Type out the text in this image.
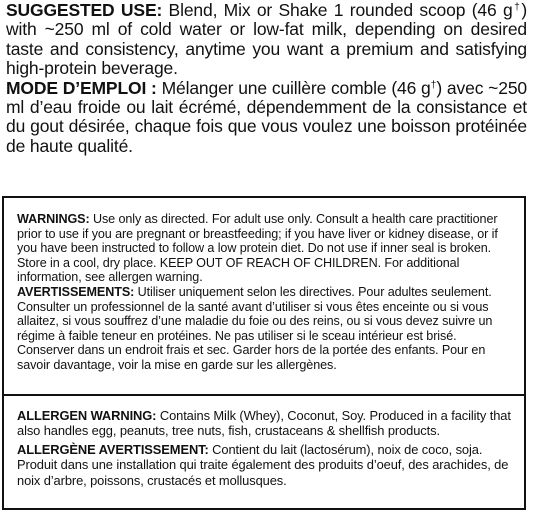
SUGGESTED USE: Blend, Mix or Shake 1 rounded scoop (46 g†) with ~250 ml of cold water or low-fat milk, depending on desired taste and consistency, anytime you want a premium and satisfying high-protein beverage.

MODE D’EMPLOI : Mélanger une cuillère comble (46 g†) avec ~250 ml d’eau froide ou lait écrémé, dépendemment de la consistance et du gout désirée, chaque fois que vous voulez une boisson protéinée de haute qualité.

WARNINGS: Use only as directed. For adult use only. Consult a health care practitioner prior to use if you are pregnant or breastfeeding; if you have liver or kidney disease, or if you have been instructed to follow a low protein diet. Do not use if inner seal is broken. Store in a cool, dry place. KEEP OUT OF REACH OF CHILDREN. For additional information, see allergen warning.

AVERTISSEMENTS: Utiliser uniquement selon les directives. Pour adultes seulement. Consulter un professionnel de la santé avant d’utiliser si vous êtes enceinte ou si vous allaitez, si vous souffrez d’une maladie du foie ou des reins, ou si vous devez suivre un régime à faible teneur en protéines. Ne pas utiliser si le sceau intérieur est brisé. Conserver dans un endroit frais et sec. Garder hors de la portée des enfants. Pour en savoir davantage, voir la mise en garde sur les allergènes.

ALLERGEN WARNING: Contains Milk (Whey), Coconut, Soy. Produced in a facility that also handles egg, peanuts, tree nuts, fish, crustaceans & shellfish products.

ALLERGÈNE AVERTISSEMENT: Contient du lait (lactosérum), noix de coco, soja. Produit dans une installation qui traite également des produits d’oeuf, des arachides, de noix d’arbre, poissons, crustacés et mollusques.
